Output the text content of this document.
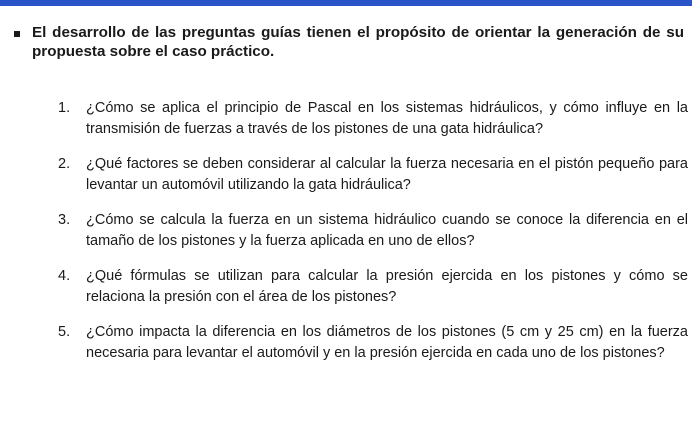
El desarrollo de las preguntas guías tienen el propósito de orientar la generación de su propuesta sobre el caso práctico.
1.	¿Cómo se aplica el principio de Pascal en los sistemas hidráulicos, y cómo influye en la transmisión de fuerzas a través de los pistones de una gata hidráulica?
2.	¿Qué factores se deben considerar al calcular la fuerza necesaria en el pistón pequeño para levantar un automóvil utilizando la gata hidráulica?
3.	¿Cómo se calcula la fuerza en un sistema hidráulico cuando se conoce la diferencia en el tamaño de los pistones y la fuerza aplicada en uno de ellos?
4.	¿Qué fórmulas se utilizan para calcular la presión ejercida en los pistones y cómo se relaciona la presión con el área de los pistones?
5.	¿Cómo impacta la diferencia en los diámetros de los pistones (5 cm y 25 cm) en la fuerza necesaria para levantar el automóvil y en la presión ejercida en cada uno de los pistones?
